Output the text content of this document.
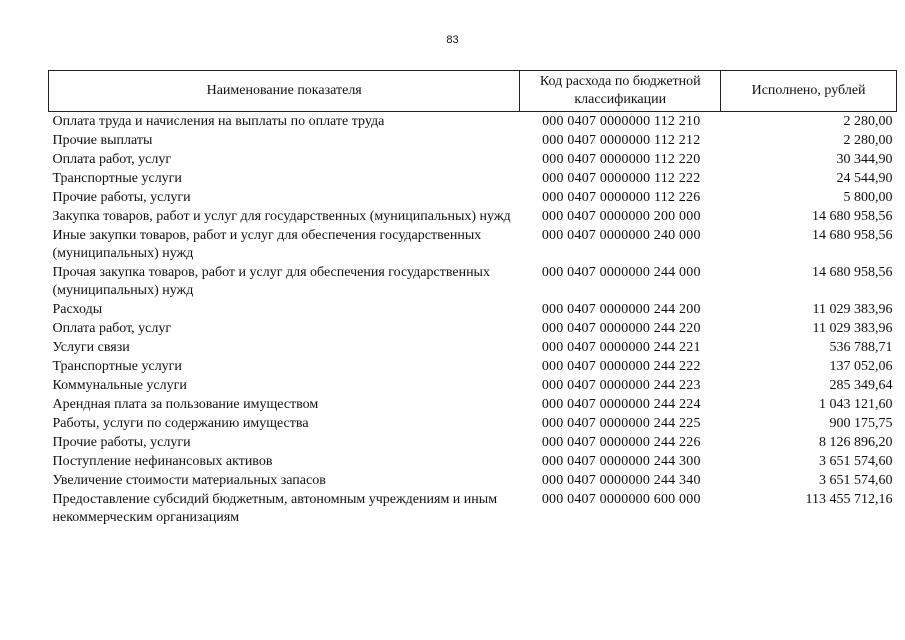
83
Наименование показателя	Код расхода по бюджетной классификации	Исполнено, рублей
Оплата труда и начисления на выплаты по оплате труда	000 0407 0000000 112 210	2 280,00
Прочие выплаты	000 0407 0000000 112 212	2 280,00
Оплата работ, услуг	000 0407 0000000 112 220	30 344,90
Транспортные услуги	000 0407 0000000 112 222	24 544,90
Прочие работы, услуги	000 0407 0000000 112 226	5 800,00
Закупка товаров, работ и услуг для государственных (муниципальных) нужд	000 0407 0000000 200 000	14 680 958,56
Иные закупки товаров, работ и услуг для обеспечения государственных (муниципальных) нужд	000 0407 0000000 240 000	14 680 958,56
Прочая закупка товаров, работ и услуг для обеспечения государственных (муниципальных) нужд	000 0407 0000000 244 000	14 680 958,56
Расходы	000 0407 0000000 244 200	11 029 383,96
Оплата работ, услуг	000 0407 0000000 244 220	11 029 383,96
Услуги связи	000 0407 0000000 244 221	536 788,71
Транспортные услуги	000 0407 0000000 244 222	137 052,06
Коммунальные услуги	000 0407 0000000 244 223	285 349,64
Арендная плата за пользование имуществом	000 0407 0000000 244 224	1 043 121,60
Работы, услуги по содержанию имущества	000 0407 0000000 244 225	900 175,75
Прочие работы, услуги	000 0407 0000000 244 226	8 126 896,20
Поступление нефинансовых активов	000 0407 0000000 244 300	3 651 574,60
Увеличение стоимости материальных запасов	000 0407 0000000 244 340	3 651 574,60
Предоставление субсидий бюджетным, автономным учреждениям и иным некоммерческим организациям	000 0407 0000000 600 000	113 455 712,16
